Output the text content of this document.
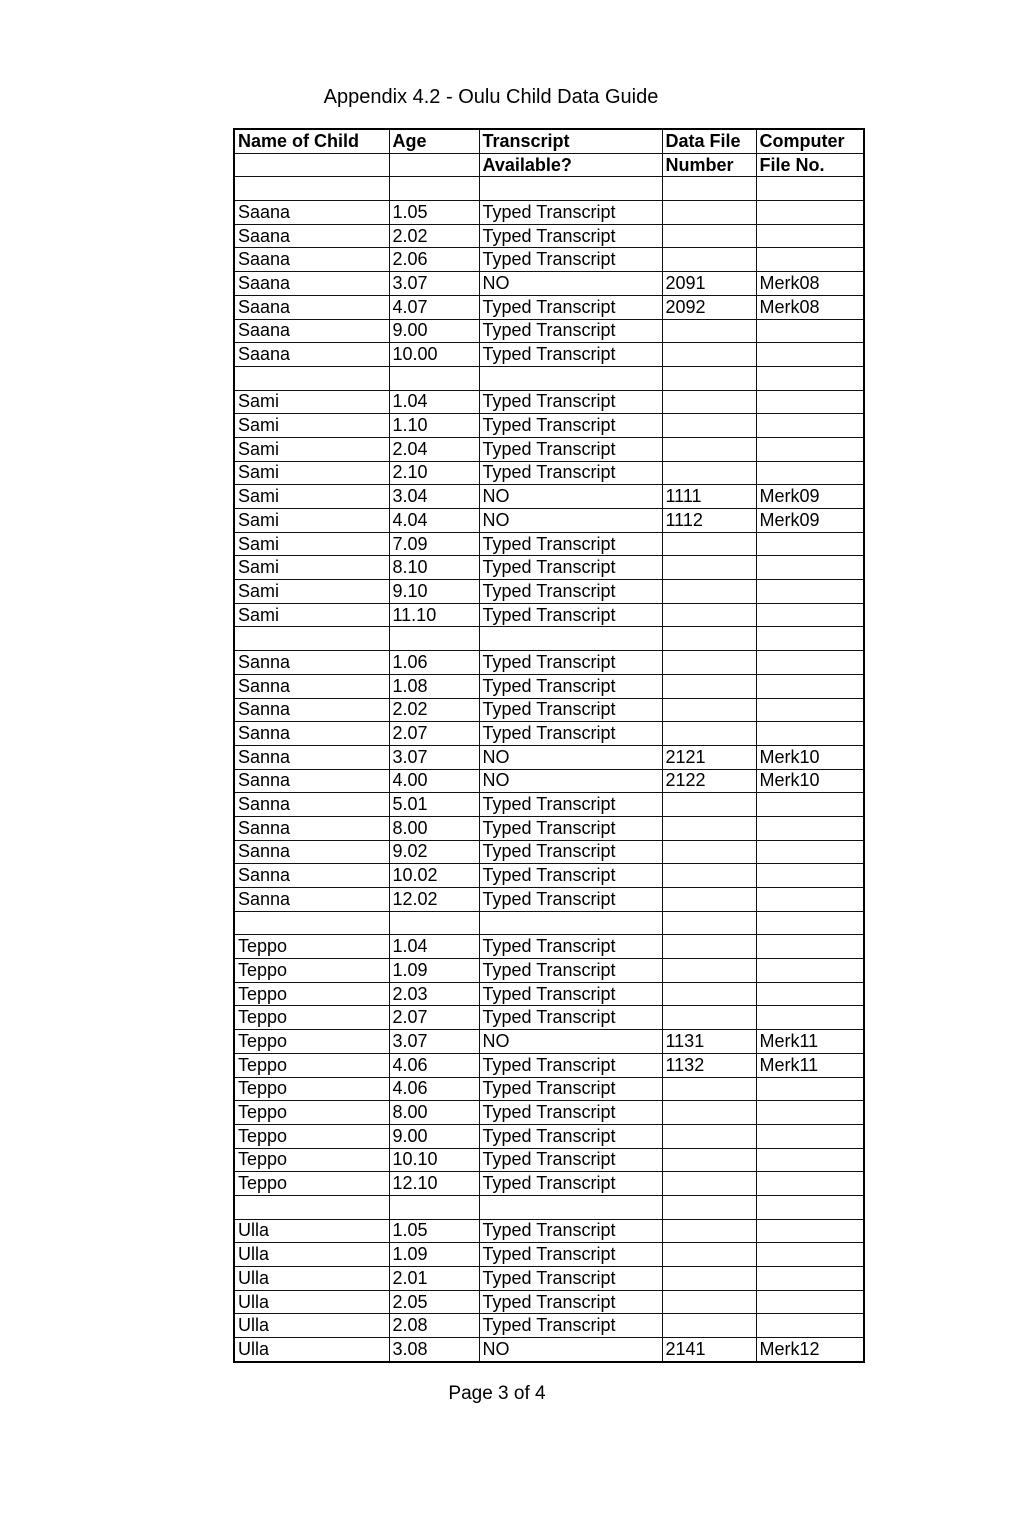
Appendix 4.2 - Oulu Child Data Guide
Name of Child	Age	Transcript	Data File	Computer
		Available?	Number	File No.

Saana	1.05	Typed Transcript		
Saana	2.02	Typed Transcript		
Saana	2.06	Typed Transcript		
Saana	3.07	NO	2091	Merk08
Saana	4.07	Typed Transcript	2092	Merk08
Saana	9.00	Typed Transcript		
Saana	10.00	Typed Transcript		

Sami	1.04	Typed Transcript		
Sami	1.10	Typed Transcript		
Sami	2.04	Typed Transcript		
Sami	2.10	Typed Transcript		
Sami	3.04	NO	1111	Merk09
Sami	4.04	NO	1112	Merk09
Sami	7.09	Typed Transcript		
Sami	8.10	Typed Transcript		
Sami	9.10	Typed Transcript		
Sami	11.10	Typed Transcript		

Sanna	1.06	Typed Transcript		
Sanna	1.08	Typed Transcript		
Sanna	2.02	Typed Transcript		
Sanna	2.07	Typed Transcript		
Sanna	3.07	NO	2121	Merk10
Sanna	4.00	NO	2122	Merk10
Sanna	5.01	Typed Transcript		
Sanna	8.00	Typed Transcript		
Sanna	9.02	Typed Transcript		
Sanna	10.02	Typed Transcript		
Sanna	12.02	Typed Transcript		

Teppo	1.04	Typed Transcript		
Teppo	1.09	Typed Transcript		
Teppo	2.03	Typed Transcript		
Teppo	2.07	Typed Transcript		
Teppo	3.07	NO	1131	Merk11
Teppo	4.06	Typed Transcript	1132	Merk11
Teppo	4.06	Typed Transcript		
Teppo	8.00	Typed Transcript		
Teppo	9.00	Typed Transcript		
Teppo	10.10	Typed Transcript		
Teppo	12.10	Typed Transcript		

Ulla	1.05	Typed Transcript		
Ulla	1.09	Typed Transcript		
Ulla	2.01	Typed Transcript		
Ulla	2.05	Typed Transcript		
Ulla	2.08	Typed Transcript		
Ulla	3.08	NO	2141	Merk12
Page 3 of 4
